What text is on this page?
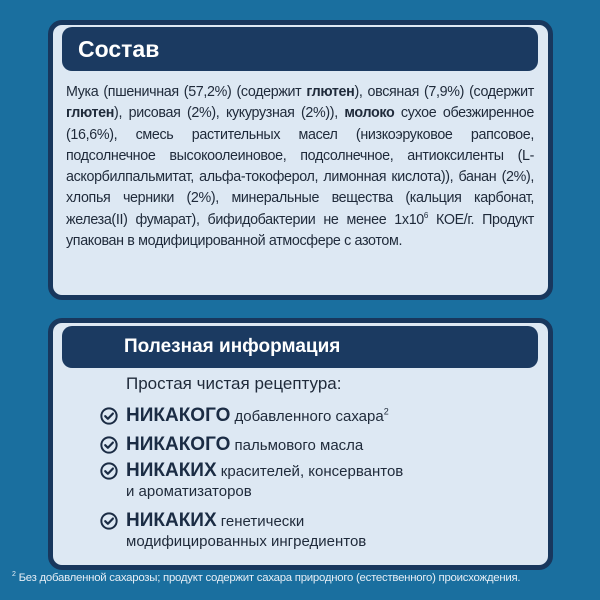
Состав
Мука (пшеничная (57,2%) (содержит глютен), овсяная (7,9%) (содержит глютен), рисовая (2%), кукурузная (2%)), молоко сухое обезжиренное (16,6%), смесь растительных масел (низкоэруковое рапсовое, подсолнечное высокоолеиновое, подсолнечное, антиоксиленты (L-аскорбилпальмитат, альфа-токоферол, лимонная кислота)), банан (2%), хлопья черники (2%), минеральные вещества (кальция карбонат, железа(II) фумарат), бифидобактерии не менее $1х10^6$ КОЕ/г. Продукт упакован в модифицированной атмосфере с азотом.
Полезная информация
Простая чистая рецептура:
НИКАКОГО добавленного сахара$^2$
НИКАКОГО пальмового масла
НИКАКИХ красителей, консервантов
и ароматизаторов
НИКАКИХ генетически
модифицированных ингредиентов
$^2$ Без добавленной сахарозы; продукт содержит сахара природного (естественного) происхождения.
